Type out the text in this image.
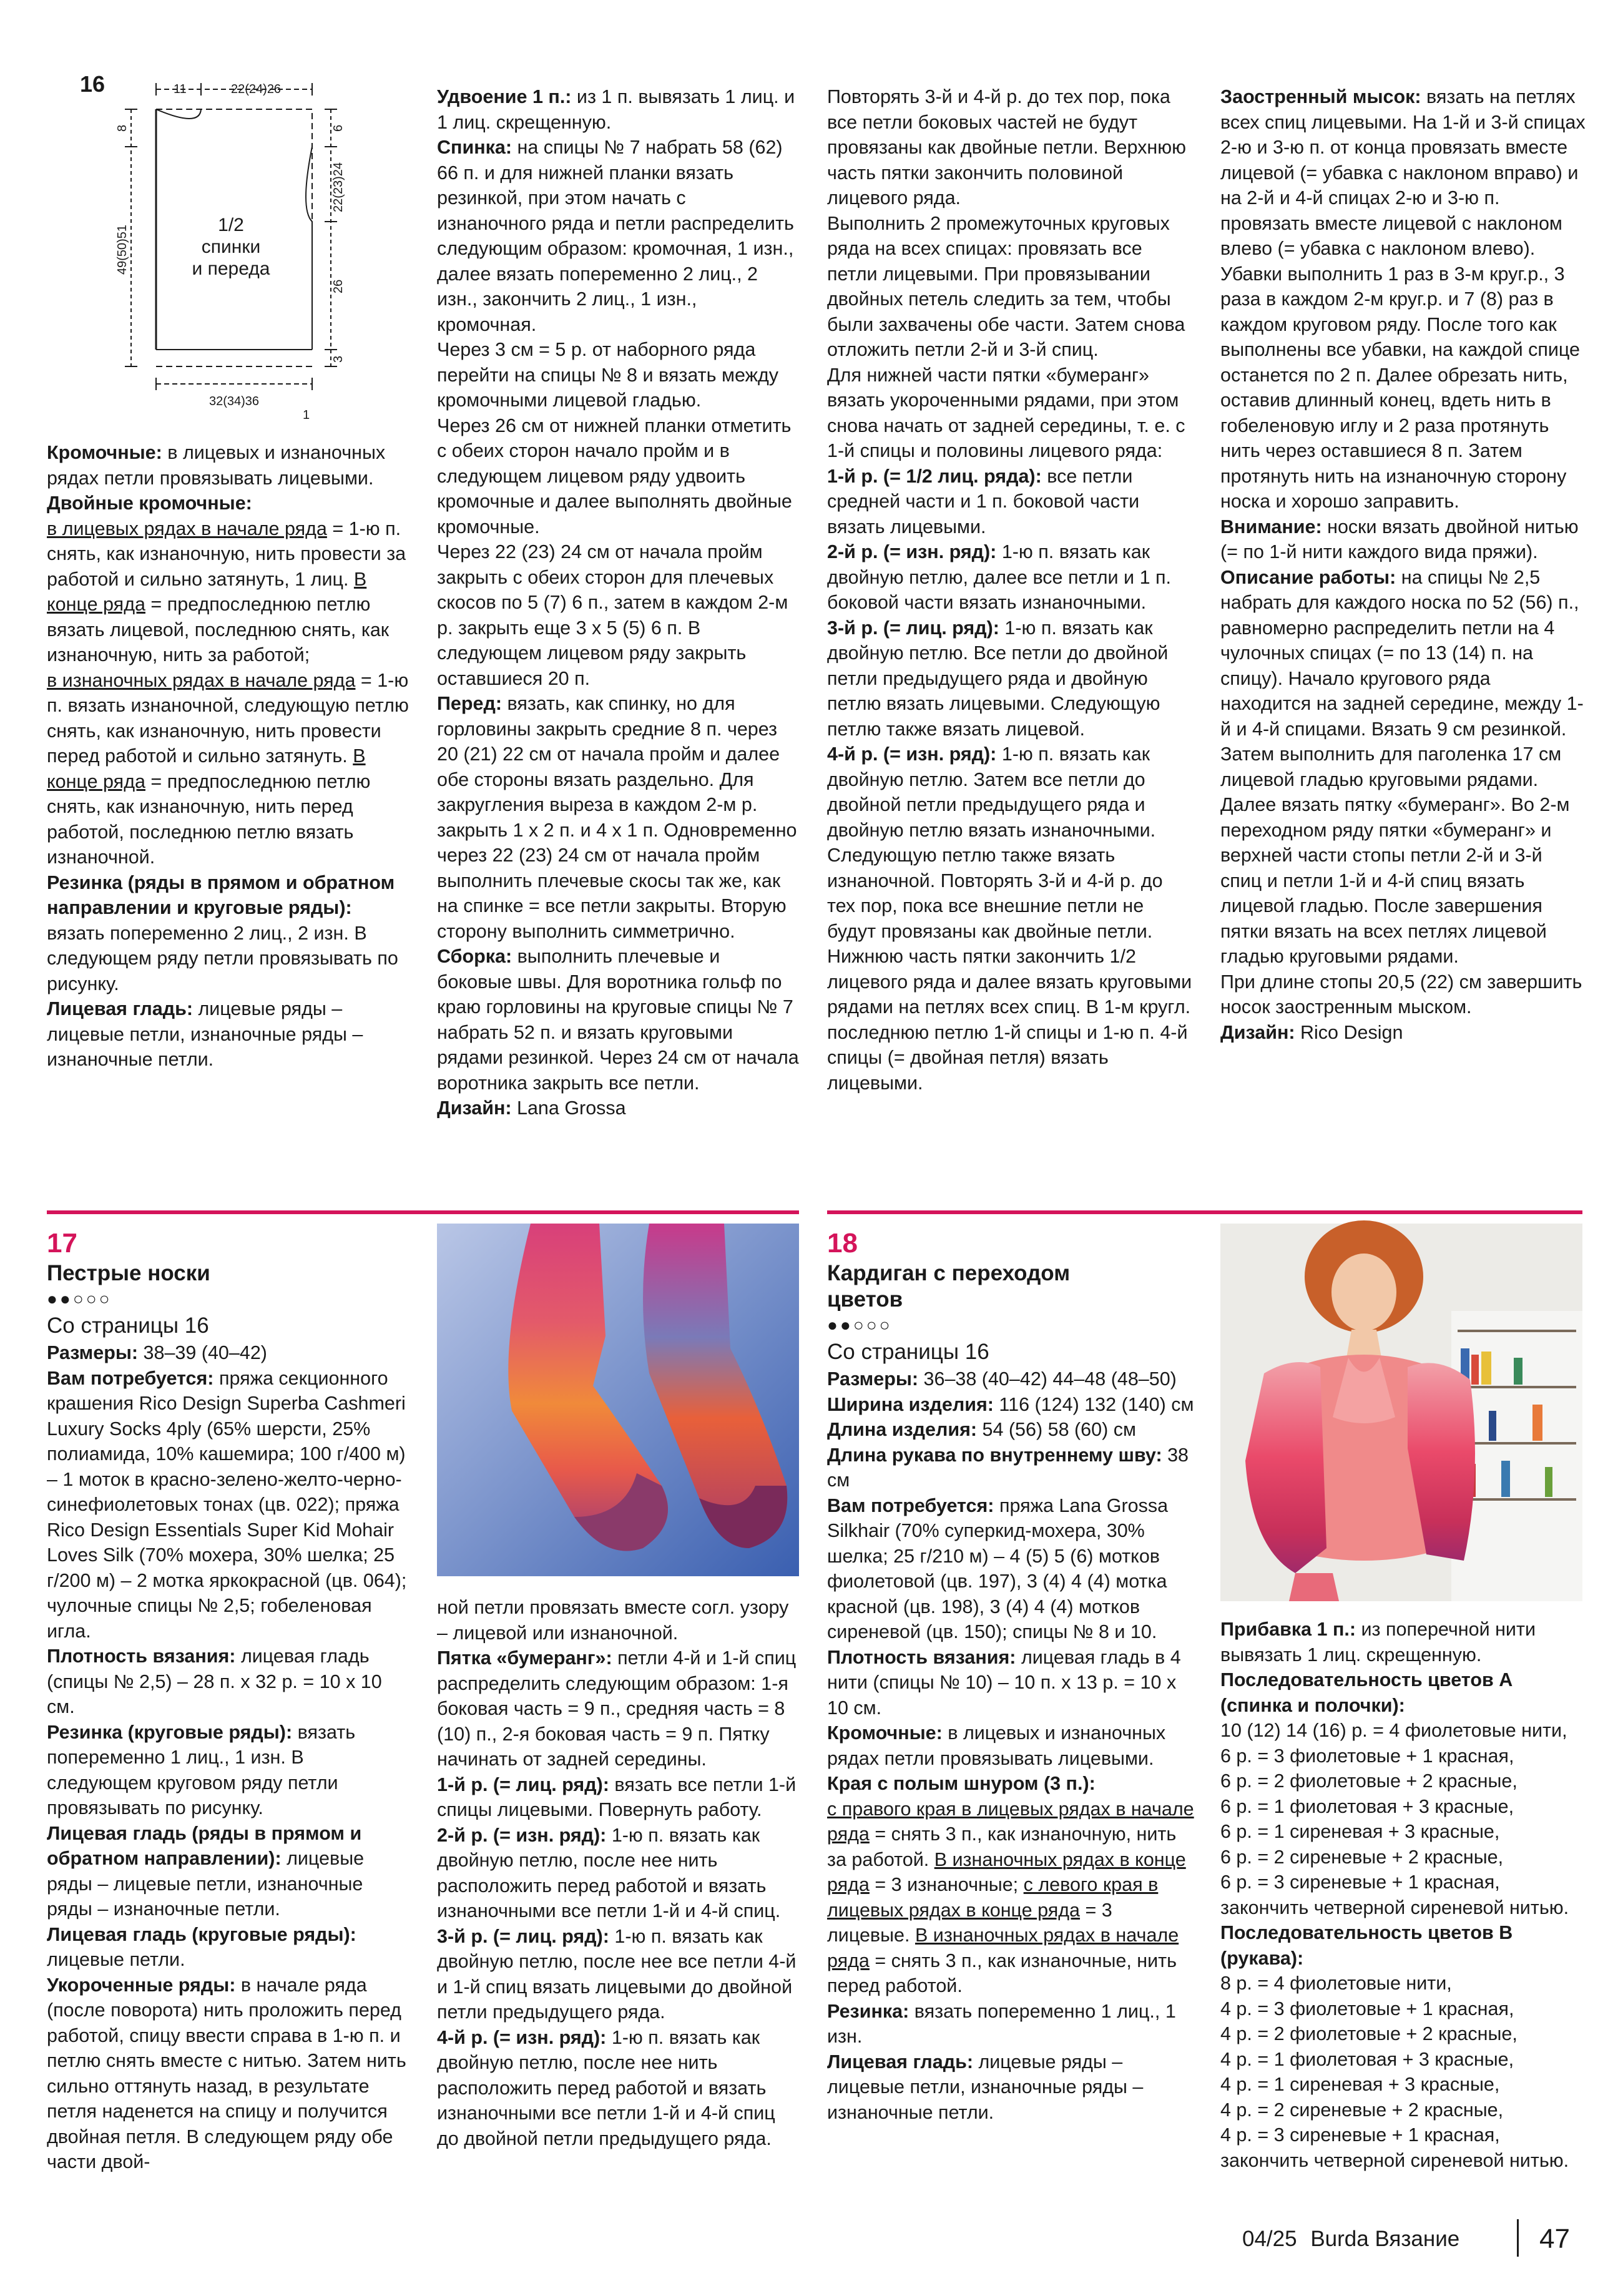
16	11	22(24)26
8
49(50)51
6
22(23)24
26
3
1/2
спинки
и переда
32(34)36
1

Кромочные: в лицевых и изнаночных рядах петли провязывать лицевыми.

Двойные кромочные:

в лицевых рядах в начале ряда = 1-ю п. снять, как изнаночную, нить провести за работой и сильно затянуть, 1 лиц. В конце ряда = предпоследнюю петлю вязать лицевой, последнюю снять, как изнаночную, нить за работой;

в изнаночных рядах в начале ряда = 1-ю п. вязать изнаночной, следующую петлю снять, как изнаночную, нить провести перед работой и сильно затянуть. В конце ряда = предпоследнюю петлю снять, как изнаночную, нить перед работой, последнюю петлю вязать изнаночной.

Резинка (ряды в прямом и обратном направлении и круговые ряды): вязать попеременно 2 лиц., 2 изн. В следующем ряду петли провязывать по рисунку.

Лицевая гладь: лицевые ряды – лицевые петли, изнаночные ряды – изнаночные петли.

Удвоение 1 п.: из 1 п. вывязать 1 лиц. и 1 лиц. скрещенную.

Спинка: на спицы № 7 набрать 58 (62) 66 п. и для нижней планки вязать резинкой, при этом начать с изнаночного ряда и петли распределить следующим образом: кромочная, 1 изн., далее вязать попеременно 2 лиц., 2 изн., закончить 2 лиц., 1 изн., кромочная.

Через 3 см = 5 р. от наборного ряда перейти на спицы № 8 и вязать между кромочными лицевой гладью.

Через 26 см от нижней планки отметить с обеих сторон начало пройм и в следующем лицевом ряду удвоить кромочные и далее выполнять двойные кромочные.

Через 22 (23) 24 см от начала пройм закрыть с обеих сторон для плечевых скосов по 5 (7) 6 п., затем в каждом 2-м р. закрыть еще 3 х 5 (5) 6 п. В следующем лицевом ряду закрыть оставшиеся 20 п.

Перед: вязать, как спинку, но для горловины закрыть средние 8 п. через 20 (21) 22 см от начала пройм и далее обе стороны вязать раздельно. Для закругления выреза в каждом 2-м р. закрыть 1 х 2 п. и 4 х 1 п. Одновременно через 22 (23) 24 см от начала пройм выполнить плечевые скосы так же, как на спинке = все петли закрыты. Вторую сторону выполнить симметрично.

Сборка: выполнить плечевые и боковые швы. Для воротника гольф по краю горловины на круговые спицы № 7 набрать 52 п. и вязать круговыми рядами резинкой. Через 24 см от начала воротника закрыть все петли.

Дизайн: Lana Grossa

Повторять 3-й и 4-й р. до тех пор, пока все петли боковых частей не будут провязаны как двойные петли. Верхнюю часть пятки закончить половиной лицевого ряда.

Выполнить 2 промежуточных круговых ряда на всех спицах: провязать все петли лицевыми. При провязывании двойных петель следить за тем, чтобы были захвачены обе части. Затем снова отложить петли 2-й и 3-й спиц.

Для нижней части пятки «бумеранг» вязать укороченными рядами, при этом снова начать от задней середины, т. е. с 1-й спицы и половины лицевого ряда:

1-й р. (= 1/2 лиц. ряда): все петли средней части и 1 п. боковой части вязать лицевыми.

2-й р. (= изн. ряд): 1-ю п. вязать как двойную петлю, далее все петли и 1 п. боковой части вязать изнаночными.

3-й р. (= лиц. ряд): 1-ю п. вязать как двойную петлю. Все петли до двойной петли предыдущего ряда и двойную петлю вязать лицевыми. Следующую петлю также вязать лицевой.

4-й р. (= изн. ряд): 1-ю п. вязать как двойную петлю. Затем все петли до двойной петли предыдущего ряда и двойную петлю вязать изнаночными. Следующую петлю также вязать изнаночной. Повторять 3-й и 4-й р. до тех пор, пока все внешние петли не будут провязаны как двойные петли.

Нижнюю часть пятки закончить 1/2 лицевого ряда и далее вязать круговыми рядами на петлях всех спиц. В 1-м кругл. последнюю петлю 1-й спицы и 1-ю п. 4-й спицы (= двойная петля) вязать лицевыми.

Заостренный мысок: вязать на петлях всех спиц лицевыми. На 1-й и 3-й спицах 2-ю и 3-ю п. от конца провязать вместе лицевой (= убавка с наклоном вправо) и на 2-й и 4-й спицах 2-ю и 3-ю п. провязать вместе лицевой с наклоном влево (= убавка с наклоном влево).

Убавки выполнить 1 раз в 3-м круг.р., 3 раза в каждом 2-м круг.р. и 7 (8) раз в каждом круговом ряду. После того как выполнены все убавки, на каждой спице останется по 2 п. Далее обрезать нить, оставив длинный конец, вдеть нить в гобеленовую иглу и 2 раза протянуть нить через оставшиеся 8 п. Затем протянуть нить на изнаночную сторону носка и хорошо заправить.

Внимание: носки вязать двойной нитью (= по 1-й нити каждого вида пряжи).

Описание работы: на спицы № 2,5 набрать для каждого носка по 52 (56) п., равномерно распределить петли на 4 чулочных спицах (= по 13 (14) п. на спицу). Начало кругового ряда находится на задней середине, между 1-й и 4-й спицами. Вязать 9 см резинкой. Затем выполнить для паголенка 17 см лицевой гладью круговыми рядами. Далее вязать пятку «бумеранг». Во 2-м переходном ряду пятки «бумеранг» и верхней части стопы петли 2-й и 3-й спиц и петли 1-й и 4-й спиц вязать лицевой гладью. После завершения пятки вязать на всех петлях лицевой гладью круговыми рядами.

При длине стопы 20,5 (22) см завершить носок заостренным мыском.

Дизайн: Rico Design

17
Пестрые носки
●●○○○
Со страницы 16

Размеры: 38–39 (40–42)

Вам потребуется: пряжа секционного крашения Rico Design Superba Cashmeri Luxury Socks 4ply (65% шерсти, 25% полиамида, 10% кашемира; 100 г/400 м) – 1 моток в красно-зелено-желто-черно-синефиолетовых тонах (цв. 022); пряжа Rico Design Essentials Super Kid Mohair Loves Silk (70% мохера, 30% шелка; 25 г/200 м) – 2 мотка яркокрасной (цв. 064); чулочные спицы № 2,5; гобеленовая игла.

Плотность вязания: лицевая гладь (спицы № 2,5) – 28 п. х 32 р. = 10 х 10 см.

Резинка (круговые ряды): вязать попеременно 1 лиц., 1 изн. В следующем круговом ряду петли провязывать по рисунку.

Лицевая гладь (ряды в прямом и обратном направлении): лицевые ряды – лицевые петли, изнаночные ряды – изнаночные петли.

Лицевая гладь (круговые ряды): лицевые петли.

Укороченные ряды: в начале ряда (после поворота) нить проложить перед работой, спицу ввести справа в 1-ю п. и петлю снять вместе с нитью. Затем нить сильно оттянуть назад, в результате петля наденется на спицу и получится двойная петля. В следующем ряду обе части двой-

ной петли провязать вместе согл. узору – лицевой или изнаночной.

Пятка «бумеранг»: петли 4-й и 1-й спиц распределить следующим образом: 1-я боковая часть = 9 п., средняя часть = 8 (10) п., 2-я боковая часть = 9 п. Пятку начинать от задней середины.

1-й р. (= лиц. ряд): вязать все петли 1-й спицы лицевыми. Повернуть работу.

2-й р. (= изн. ряд): 1-ю п. вязать как двойную петлю, после нее нить расположить перед работой и вязать изнаночными все петли 1-й и 4-й спиц.

3-й р. (= лиц. ряд): 1-ю п. вязать как двойную петлю, после нее все петли 4-й и 1-й спиц вязать лицевыми до двойной петли предыдущего ряда.

4-й р. (= изн. ряд): 1-ю п. вязать как двойную петлю, после нее нить расположить перед работой и вязать изнаночными все петли 1-й и 4-й спиц до двойной петли предыдущего ряда.

18
Кардиган с переходом
цветов
●●○○○
Со страницы 16

Размеры: 36–38 (40–42) 44–48 (48–50)

Ширина изделия: 116 (124) 132 (140) см

Длина изделия: 54 (56) 58 (60) см

Длина рукава по внутреннему шву: 38 см

Вам потребуется: пряжа Lana Grossa Silkhair (70% суперкид-мохера, 30% шелка; 25 г/210 м) – 4 (5) 5 (6) мотков фиолетовой (цв. 197), 3 (4) 4 (4) мотка красной (цв. 198), 3 (4) 4 (4) мотков сиреневой (цв. 150); спицы № 8 и 10.

Плотность вязания: лицевая гладь в 4 нити (спицы № 10) – 10 п. х 13 р. = 10 х 10 см.

Кромочные: в лицевых и изнаночных рядах петли провязывать лицевыми.

Края с полым шнуром (3 п.):

с правого края в лицевых рядах в начале ряда = снять 3 п., как изнаночную, нить за работой. В изнаночных рядах в конце ряда = 3 изнаночные; с левого края в лицевых рядах в конце ряда = 3 лицевые. В изнаночных рядах в начале ряда = снять 3 п., как изнаночные, нить перед работой.

Резинка: вязать попеременно 1 лиц., 1 изн.

Лицевая гладь: лицевые ряды – лицевые петли, изнаночные ряды – изнаночные петли.

Прибавка 1 п.: из поперечной нити вывязать 1 лиц. скрещенную.

Последовательность цветов А (спинка и полочки):

10 (12) 14 (16) р. = 4 фиолетовые нити,

6 р. = 3 фиолетовые + 1 красная,

6 р. = 2 фиолетовые + 2 красные,

6 р. = 1 фиолетовая + 3 красные,

6 р. = 1 сиреневая + 3 красные,

6 р. = 2 сиреневые + 2 красные,

6 р. = 3 сиреневые + 1 красная,

закончить четверной сиреневой нитью.

Последовательность цветов В (рукава):

8 р. = 4 фиолетовые нити,

4 р. = 3 фиолетовые + 1 красная,

4 р. = 2 фиолетовые + 2 красные,

4 р. = 1 фиолетовая + 3 красные,

4 р. = 1 сиреневая + 3 красные,

4 р. = 2 сиреневые + 2 красные,

4 р. = 3 сиреневые + 1 красная,

закончить четверной сиреневой нитью.

04/25 Burda Вязание	47
